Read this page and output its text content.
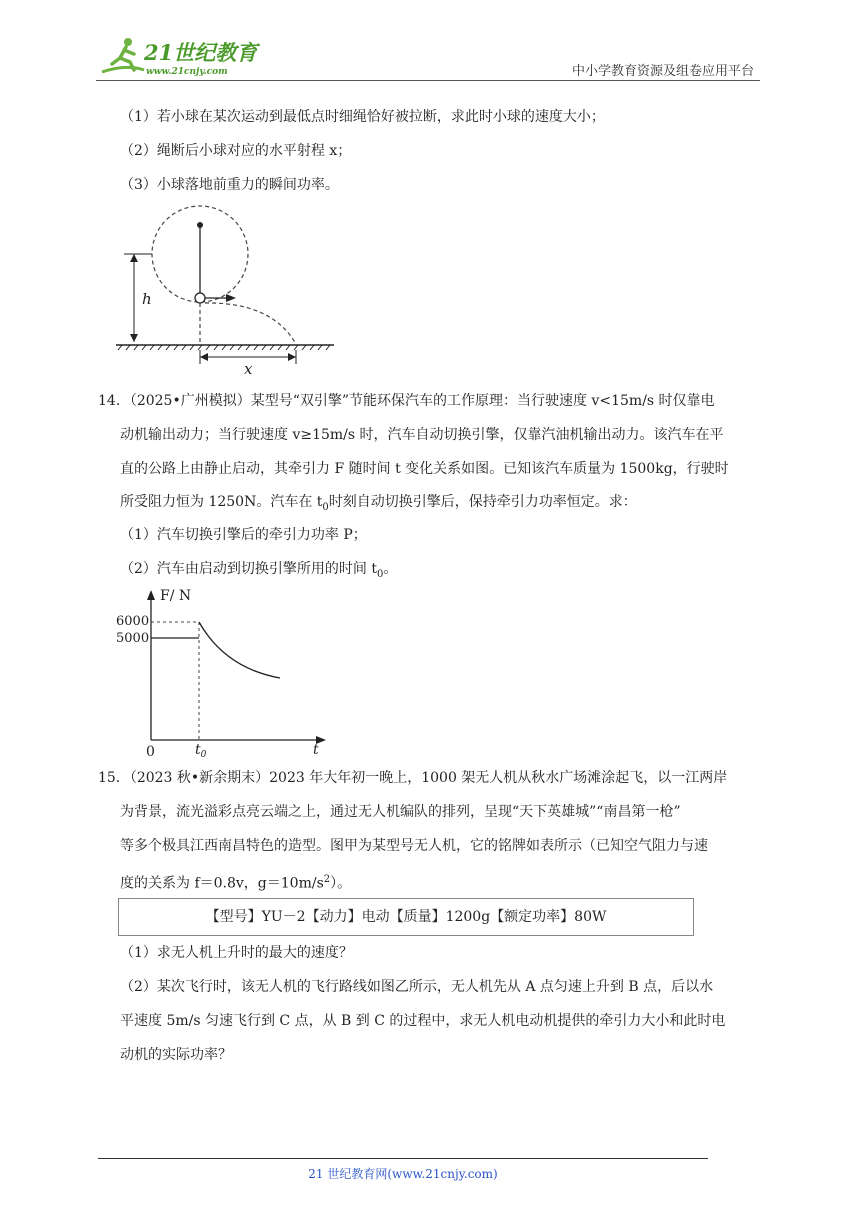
21世纪教育
www.21cnjy.com	中小学教育资源及组卷应用平台
（1）若小球在某次运动到最低点时细绳恰好被拉断，求此时小球的速度大小；
（2）绳断后小球对应的水平射程 x；
（3）小球落地前重力的瞬间功率。
h
x
14．（2025•广州模拟）某型号“双引擎”节能环保汽车的工作原理：当行驶速度 v<15m/s 时仅靠电
动机输出动力；当行驶速度 v≥15m/s 时，汽车自动切换引擎，仅靠汽油机输出动力。该汽车在平
直的公路上由静止启动，其牵引力 F 随时间 t 变化关系如图。已知该汽车质量为 1500kg，行驶时
所受阻力恒为 1250N。汽车在 $t_0$时刻自动切换引擎后，保持牵引力功率恒定。求：
（1）汽车切换引擎后的牵引力功率 P；
（2）汽车由启动到切换引擎所用的时间 $t_0$。
F/ N
6000
5000
0	$t_0$	t
15．（2023 秋•新余期末）2023 年大年初一晚上，1000 架无人机从秋水广场滩涂起飞，以一江两岸
为背景，流光溢彩点亮云端之上，通过无人机编队的排列，呈现“天下英雄城”“南昌第一枪”
等多个极具江西南昌特色的造型。图甲为某型号无人机，它的铭牌如表所示（已知空气阻力与速
度的关系为 f＝0.8v，$g=10m/s^2$）。
【型号】YU－2【动力】电动【质量】1200g【额定功率】80W
（1）求无人机上升时的最大的速度？
（2）某次飞行时，该无人机的飞行路线如图乙所示，无人机先从 A 点匀速上升到 B 点，后以水
平速度 5m/s 匀速飞行到 C 点，从 B 到 C 的过程中，求无人机电动机提供的牵引力大小和此时电
动机的实际功率？
21 世纪教育网(www.21cnjy.com)
